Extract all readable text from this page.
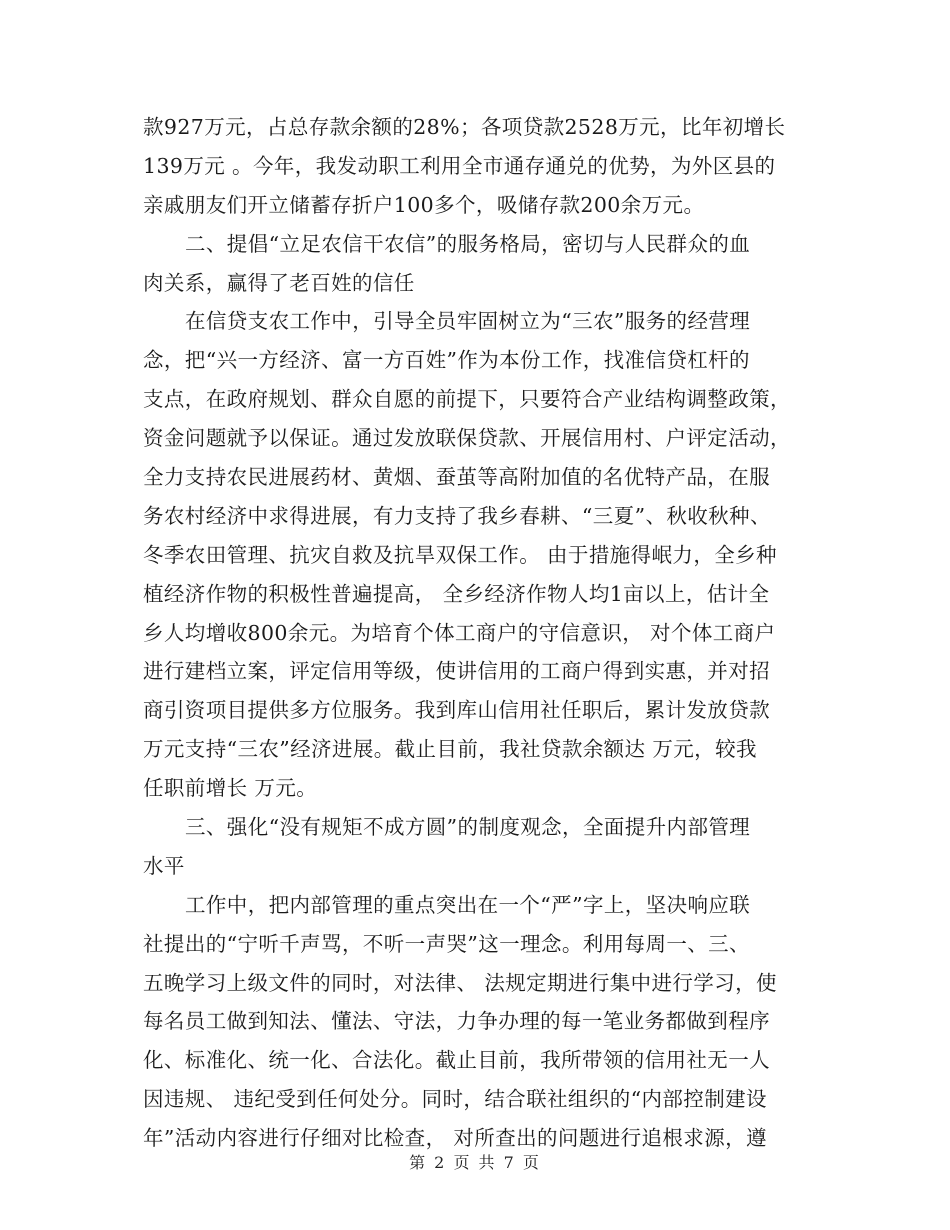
款927万元，占总存款余额的28%；各项贷款2528万元，比年初增长
139万元 。今年，我发动职工利用全市通存通兑的优势，为外区县的
亲戚朋友们开立储蓄存折户100多个，吸储存款200余万元。
二、提倡“立足农信干农信”的服务格局，密切与人民群众的血
肉关系，赢得了老百姓的信任
在信贷支农工作中，引导全员牢固树立为“三农”服务的经营理
念，把“兴一方经济、富一方百姓”作为本份工作，找准信贷杠杆的
支点，在政府规划、群众自愿的前提下，只要符合产业结构调整政策，
资金问题就予以保证。通过发放联保贷款、开展信用村、户评定活动，
全力支持农民进展药材、黄烟、蚕茧等高附加值的名优特产品，在服
务农村经济中求得进展，有力支持了我乡春耕、“三夏”、秋收秋种、
冬季农田管理、抗灾自救及抗旱双保工作。 由于措施得岷力，全乡种
植经济作物的积极性普遍提高， 全乡经济作物人均1亩以上，估计全
乡人均增收800余元。为培育个体工商户的守信意识， 对个体工商户
进行建档立案，评定信用等级，使讲信用的工商户得到实惠，并对招
商引资项目提供多方位服务。我到库山信用社任职后，累计发放贷款
万元支持“三农”经济进展。截止目前，我社贷款余额达 万元，较我
任职前增长 万元。
三、强化“没有规矩不成方圆”的制度观念，全面提升内部管理
水平
工作中，把内部管理的重点突出在一个“严”字上，坚决响应联
社提出的“宁听千声骂，不听一声哭”这一理念。利用每周一、三、
五晚学习上级文件的同时，对法律、 法规定期进行集中进行学习，使
每名员工做到知法、懂法、守法，力争办理的每一笔业务都做到程序
化、标准化、统一化、合法化。截止目前，我所带领的信用社无一人
因违规、 违纪受到任何处分。同时，结合联社组织的“内部控制建设
年”活动内容进行仔细对比检查， 对所查出的问题进行追根求源，遵
第 2 页 共 7 页
